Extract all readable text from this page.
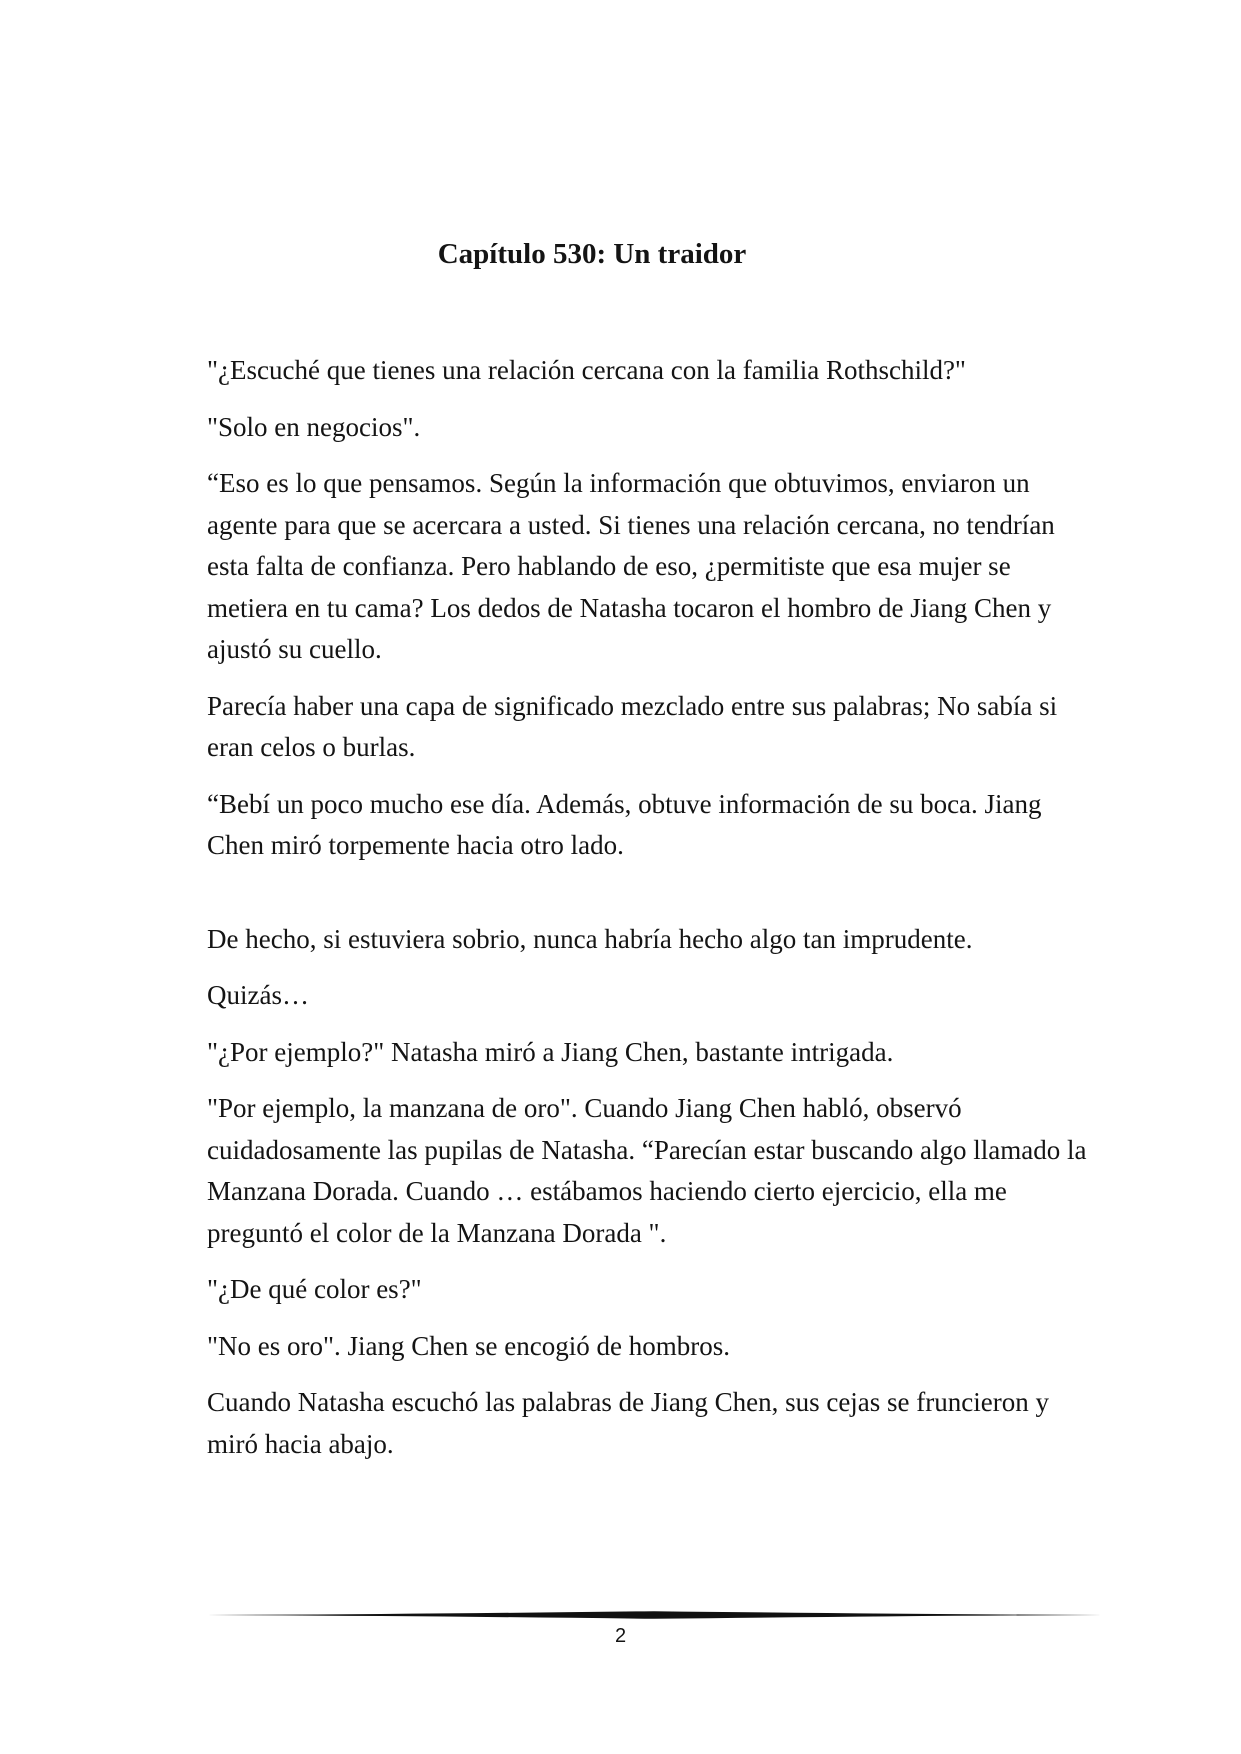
Capítulo 530: Un traidor

"¿Escuché que tienes una relación cercana con la familia Rothschild?"

"Solo en negocios".

“Eso es lo que pensamos. Según la información que obtuvimos, enviaron un agente para que se acercara a usted. Si tienes una relación cercana, no tendrían esta falta de confianza. Pero hablando de eso, ¿permitiste que esa mujer se metiera en tu cama? Los dedos de Natasha tocaron el hombro de Jiang Chen y ajustó su cuello.

Parecía haber una capa de significado mezclado entre sus palabras; No sabía si eran celos o burlas.

“Bebí un poco mucho ese día. Además, obtuve información de su boca. Jiang Chen miró torpemente hacia otro lado.

De hecho, si estuviera sobrio, nunca habría hecho algo tan imprudente.

Quizás…

"¿Por ejemplo?" Natasha miró a Jiang Chen, bastante intrigada.

"Por ejemplo, la manzana de oro". Cuando Jiang Chen habló, observó cuidadosamente las pupilas de Natasha. “Parecían estar buscando algo llamado la Manzana Dorada. Cuando … estábamos haciendo cierto ejercicio, ella me preguntó el color de la Manzana Dorada ".

"¿De qué color es?"

"No es oro". Jiang Chen se encogió de hombros.

Cuando Natasha escuchó las palabras de Jiang Chen, sus cejas se fruncieron y miró hacia abajo.

2
